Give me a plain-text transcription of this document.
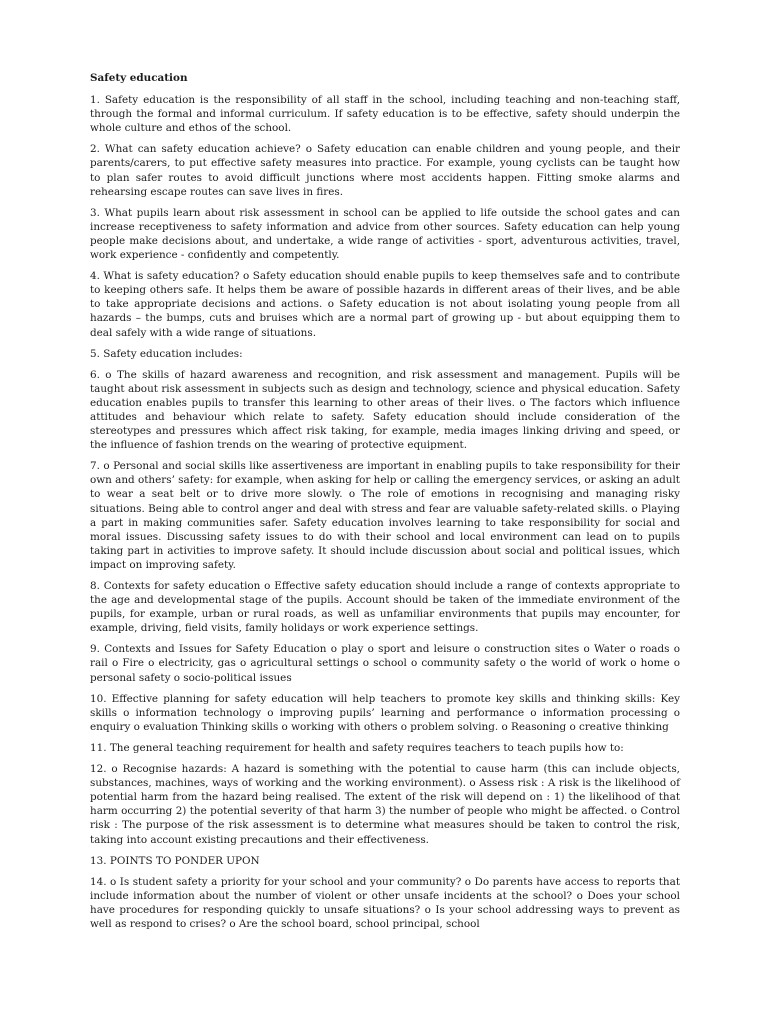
Safety education

1. Safety education is the responsibility of all staff in the school, including teaching and non-teaching staff, through the formal and informal curriculum. If safety education is to be effective, safety should underpin the whole culture and ethos of the school.

2. What can safety education achieve? ο Safety education can enable children and young people, and their parents/carers, to put effective safety measures into practice. For example, young cyclists can be taught how to plan safer routes to avoid difficult junctions where most accidents happen. Fitting smoke alarms and rehearsing escape routes can save lives in fires.

3. What pupils learn about risk assessment in school can be applied to life outside the school gates and can increase receptiveness to safety information and advice from other sources. Safety education can help young people make decisions about, and undertake, a wide range of activities - sport, adventurous activities, travel, work experience - confidently and competently.

4. What is safety education? ο Safety education should enable pupils to keep themselves safe and to contribute to keeping others safe. It helps them be aware of possible hazards in different areas of their lives, and be able to take appropriate decisions and actions. ο Safety education is not about isolating young people from all hazards – the bumps, cuts and bruises which are a normal part of growing up - but about equipping them to deal safely with a wide range of situations.

5. Safety education includes:

6. ο The skills of hazard awareness and recognition, and risk assessment and management. Pupils will be taught about risk assessment in subjects such as design and technology, science and physical education. Safety education enables pupils to transfer this learning to other areas of their lives. ο The factors which influence attitudes and behaviour which relate to safety. Safety education should include consideration of the stereotypes and pressures which affect risk taking, for example, media images linking driving and speed, or the influence of fashion trends on the wearing of protective equipment.

7. ο Personal and social skills like assertiveness are important in enabling pupils to take responsibility for their own and others’ safety: for example, when asking for help or calling the emergency services, or asking an adult to wear a seat belt or to drive more slowly. ο The role of emotions in recognising and managing risky situations. Being able to control anger and deal with stress and fear are valuable safety-related skills. ο Playing a part in making communities safer. Safety education involves learning to take responsibility for social and moral issues. Discussing safety issues to do with their school and local environment can lead on to pupils taking part in activities to improve safety. It should include discussion about social and political issues, which impact on improving safety.

8. Contexts for safety education ο Effective safety education should include a range of contexts appropriate to the age and developmental stage of the pupils. Account should be taken of the immediate environment of the pupils, for example, urban or rural roads, as well as unfamiliar environments that pupils may encounter, for example, driving, field visits, family holidays or work experience settings.

9. Contexts and Issues for Safety Education ο play ο sport and leisure ο construction sites ο Water ο roads ο rail ο Fire ο electricity, gas ο agricultural settings ο school ο community safety ο the world of work ο home ο personal safety ο socio-political issues

10. Effective planning for safety education will help teachers to promote key skills and thinking skills: Key skills ο information technology ο improving pupils’ learning and performance ο information processing ο enquiry ο evaluation Thinking skills ο working with others ο problem solving. ο Reasoning ο creative thinking

11. The general teaching requirement for health and safety requires teachers to teach pupils how to:

12. ο Recognise hazards: A hazard is something with the potential to cause harm (this can include objects, substances, machines, ways of working and the working environment). ο Assess risk : A risk is the likelihood of potential harm from the hazard being realised. The extent of the risk will depend on : 1) the likelihood of that harm occurring 2) the potential severity of that harm 3) the number of people who might be affected. ο Control risk : The purpose of the risk assessment is to determine what measures should be taken to control the risk, taking into account existing precautions and their effectiveness.

13. POINTS TO PONDER UPON

14. ο Is student safety a priority for your school and your community? ο Do parents have access to reports that include information about the number of violent or other unsafe incidents at the school? ο Does your school have procedures for responding quickly to unsafe situations? ο Is your school addressing ways to prevent as well as respond to crises? ο Are the school board, school principal, school
